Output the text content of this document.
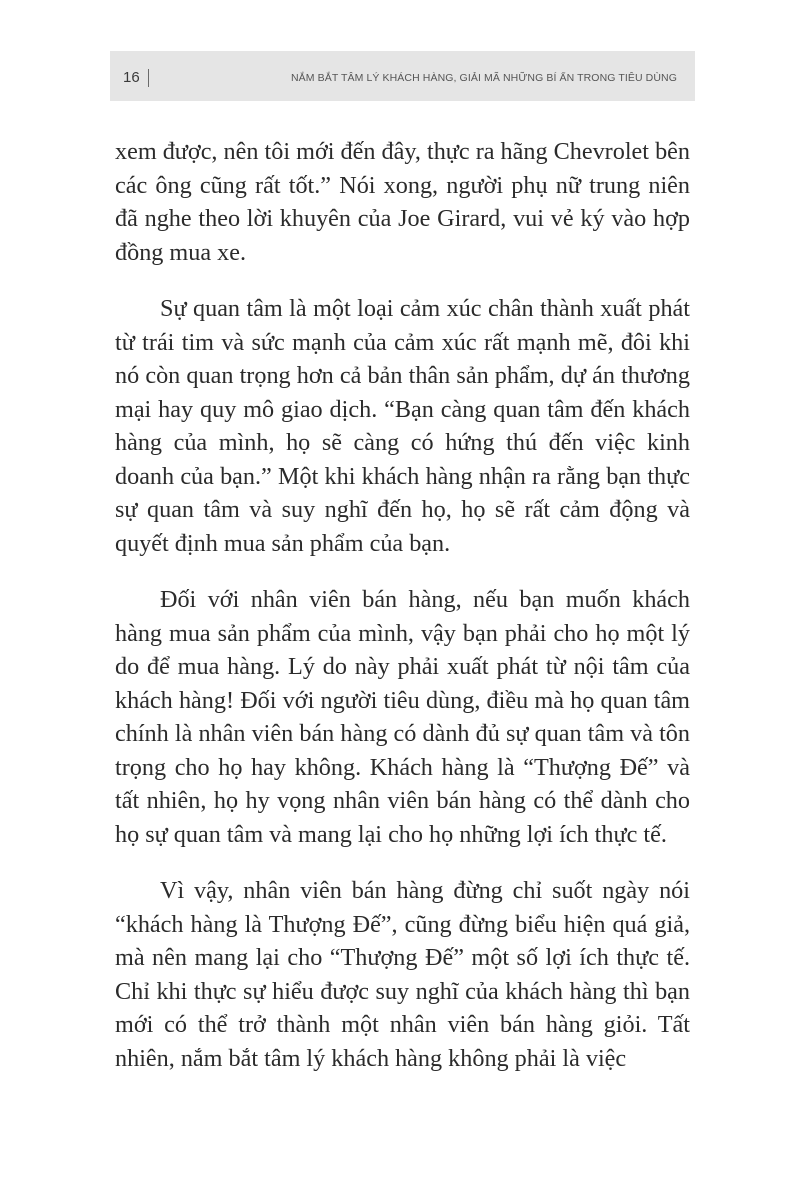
16	NẮM BẮT TÂM LÝ KHÁCH HÀNG, GIẢI MÃ NHỮNG BÍ ẨN TRONG TIÊU DÙNG

xem được, nên tôi mới đến đây, thực ra hãng Chevrolet bên các ông cũng rất tốt.” Nói xong, người phụ nữ trung niên đã nghe theo lời khuyên của Joe Girard, vui vẻ ký vào hợp đồng mua xe.

Sự quan tâm là một loại cảm xúc chân thành xuất phát từ trái tim và sức mạnh của cảm xúc rất mạnh mẽ, đôi khi nó còn quan trọng hơn cả bản thân sản phẩm, dự án thương mại hay quy mô giao dịch. “Bạn càng quan tâm đến khách hàng của mình, họ sẽ càng có hứng thú đến việc kinh doanh của bạn.” Một khi khách hàng nhận ra rằng bạn thực sự quan tâm và suy nghĩ đến họ, họ sẽ rất cảm động và quyết định mua sản phẩm của bạn.

Đối với nhân viên bán hàng, nếu bạn muốn khách hàng mua sản phẩm của mình, vậy bạn phải cho họ một lý do để mua hàng. Lý do này phải xuất phát từ nội tâm của khách hàng! Đối với người tiêu dùng, điều mà họ quan tâm chính là nhân viên bán hàng có dành đủ sự quan tâm và tôn trọng cho họ hay không. Khách hàng là “Thượng Đế” và tất nhiên, họ hy vọng nhân viên bán hàng có thể dành cho họ sự quan tâm và mang lại cho họ những lợi ích thực tế.

Vì vậy, nhân viên bán hàng đừng chỉ suốt ngày nói “khách hàng là Thượng Đế”, cũng đừng biểu hiện quá giả, mà nên mang lại cho “Thượng Đế” một số lợi ích thực tế. Chỉ khi thực sự hiểu được suy nghĩ của khách hàng thì bạn mới có thể trở thành một nhân viên bán hàng giỏi. Tất nhiên, nắm bắt tâm lý khách hàng không phải là việc
